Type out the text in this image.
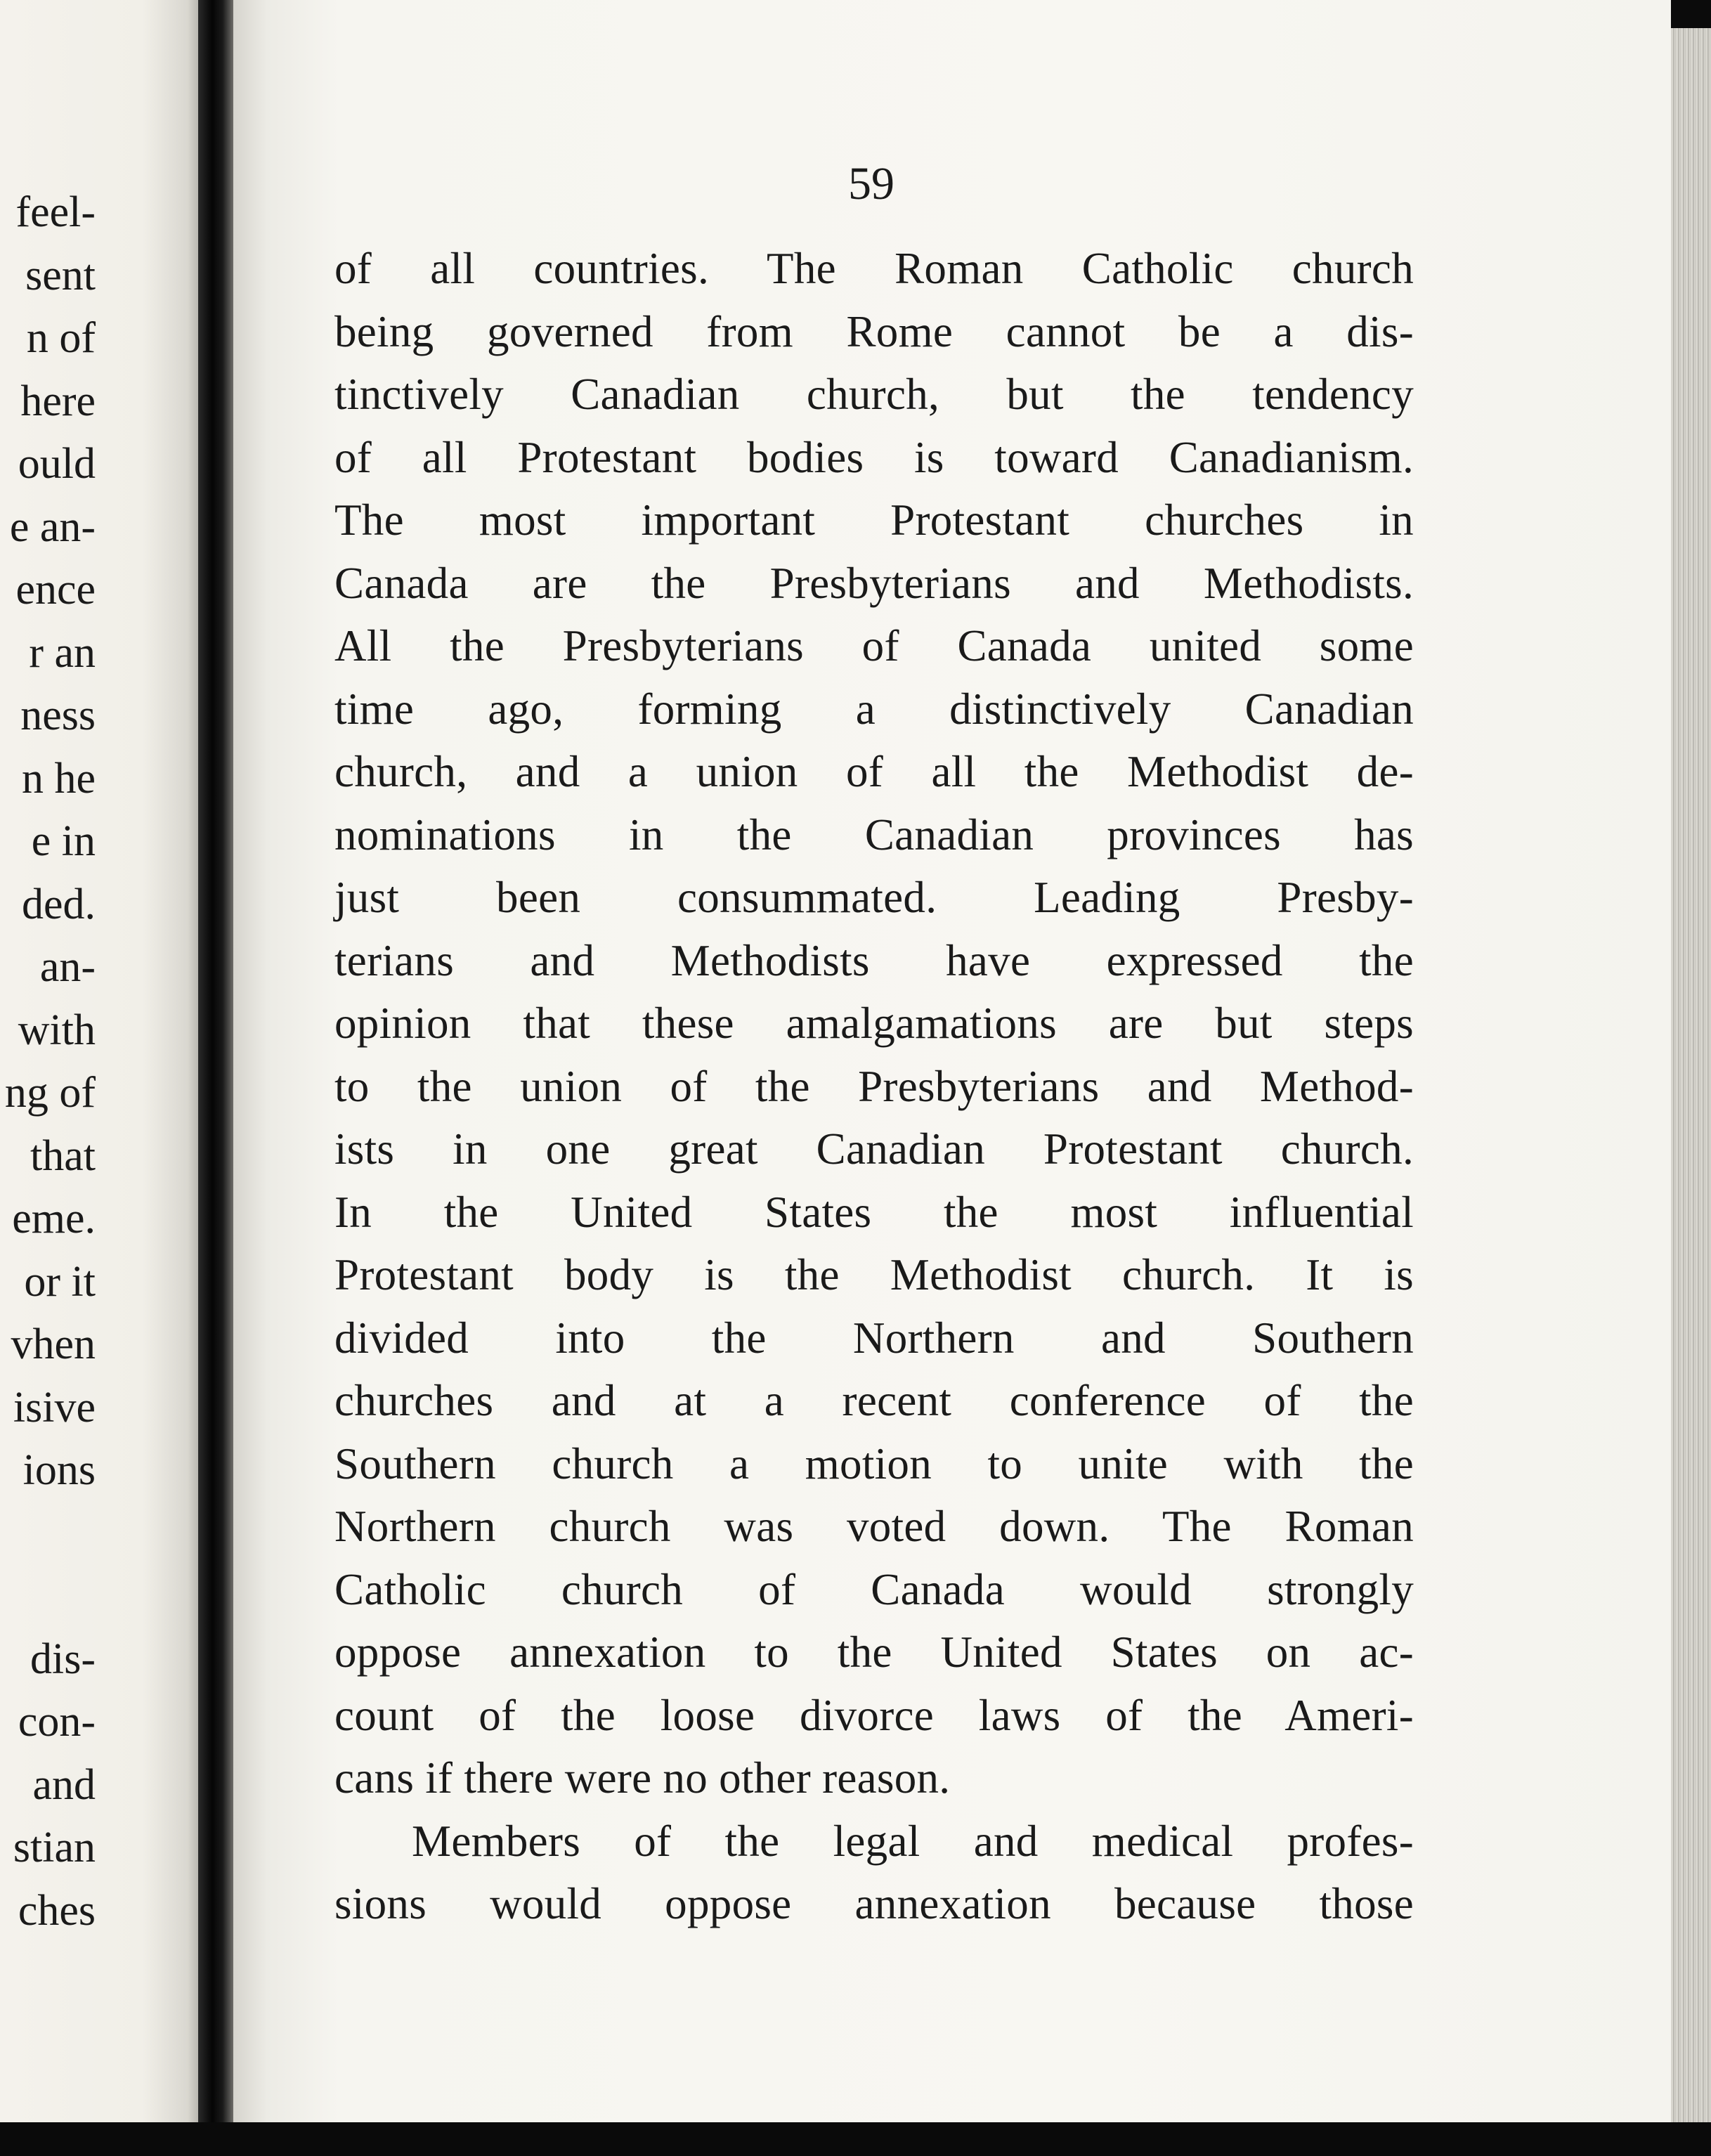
feel-
sent
n of
here
ould
e an-
ence
r an
ness
n he
e in
ded.
an-
with
ng of
that
eme.
or it
vhen
isive
ions
dis-
con-
and
stian
ches
59
of all countries. The Roman Catholic church
being governed from Rome cannot be a dis-
tinctively Canadian church, but the tendency
of all Protestant bodies is toward Canadianism.
The most important Protestant churches in
Canada are the Presbyterians and Methodists.
All the Presbyterians of Canada united some
time ago, forming a distinctively Canadian
church, and a union of all the Methodist de-
nominations in the Canadian provinces has
just been consummated. Leading Presby-
terians and Methodists have expressed the
opinion that these amalgamations are but steps
to the union of the Presbyterians and Method-
ists in one great Canadian Protestant church.
In the United States the most influential
Protestant body is the Methodist church. It is
divided into the Northern and Southern
churches and at a recent conference of the
Southern church a motion to unite with the
Northern church was voted down. The Roman
Catholic church of Canada would strongly
oppose annexation to the United States on ac-
count of the loose divorce laws of the Ameri-
cans if there were no other reason.
Members of the legal and medical profes-
sions would oppose annexation because those
